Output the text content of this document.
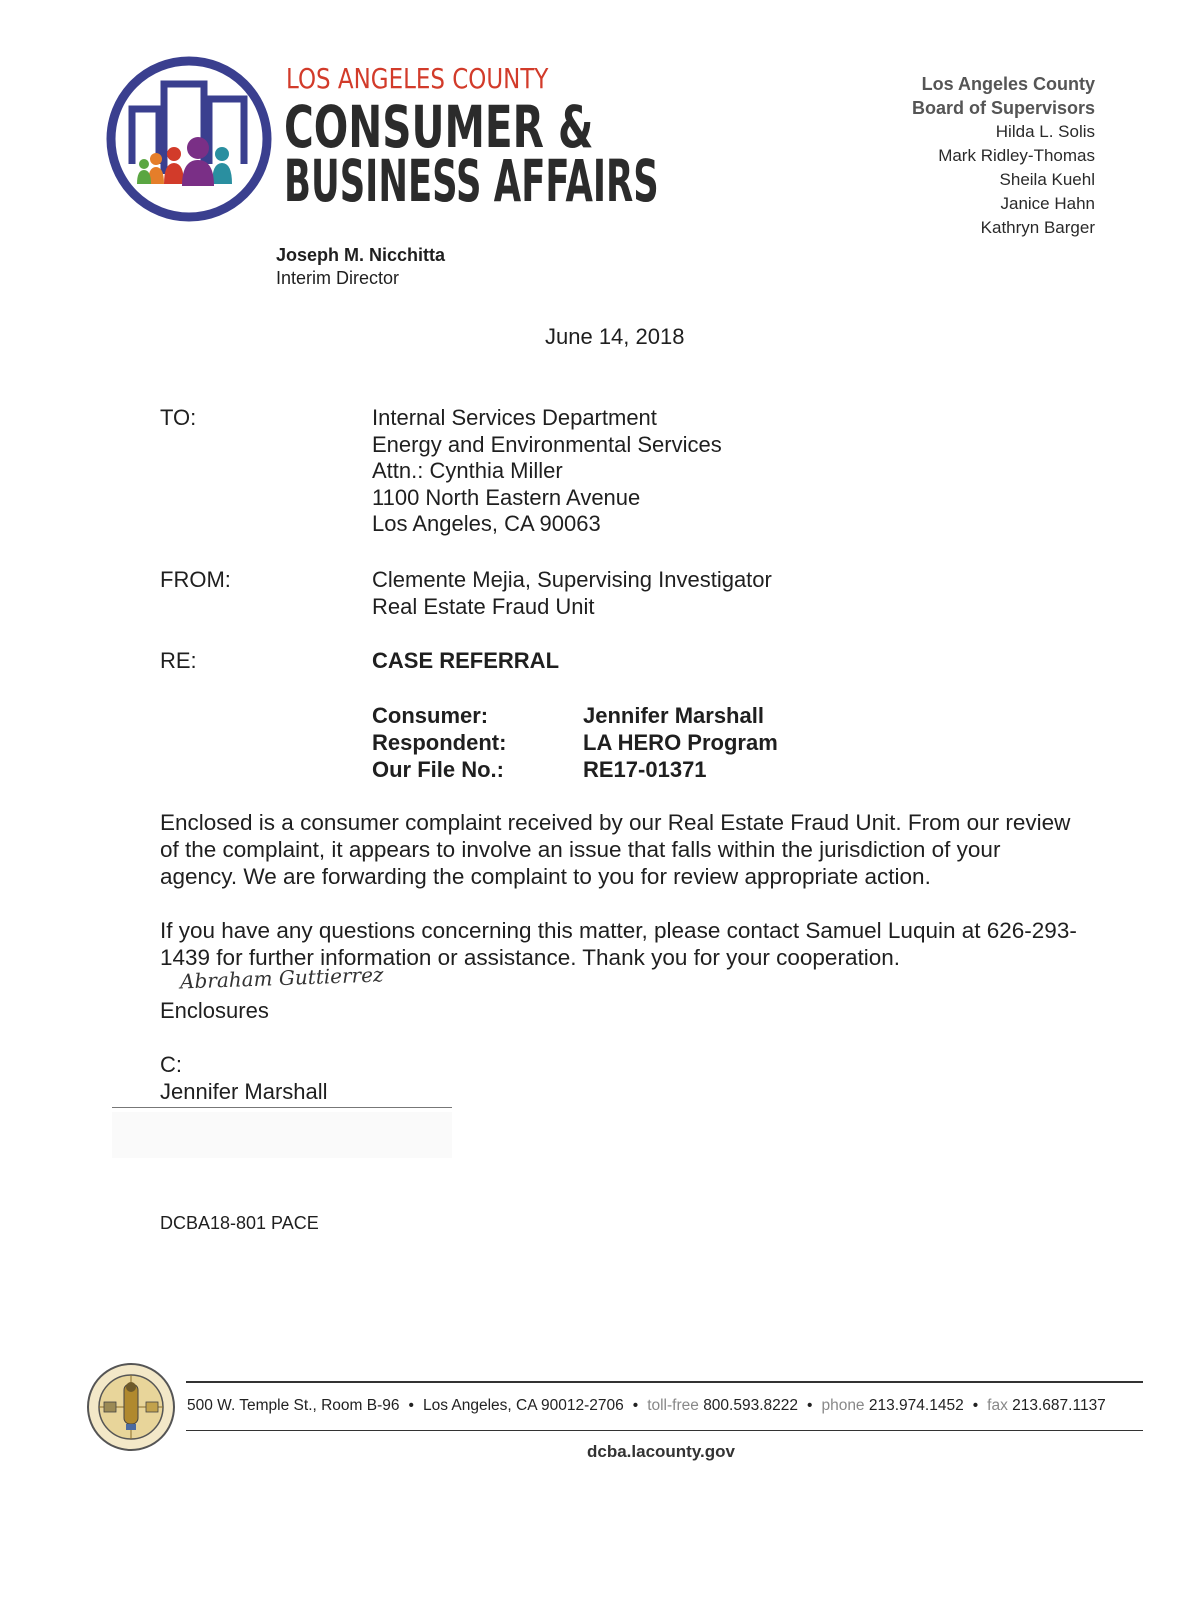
LOS ANGELES COUNTY
CONSUMER &
BUSINESS AFFAIRS
Los Angeles County
Board of Supervisors
Hilda L. Solis
Mark Ridley-Thomas
Sheila Kuehl
Janice Hahn
Kathryn Barger
Joseph M. Nicchitta
Interim Director
June 14, 2018
TO:	Internal Services Department
Energy and Environmental Services
Attn.: Cynthia Miller
1100 North Eastern Avenue
Los Angeles, CA 90063
FROM:	Clemente Mejia, Supervising Investigator
Real Estate Fraud Unit
RE:	CASE REFERRAL
Consumer:	Jennifer Marshall
Respondent:	LA HERO Program
Our File No.:	RE17-01371
Enclosed is a consumer complaint received by our Real Estate Fraud Unit. From our review of the complaint, it appears to involve an issue that falls within the jurisdiction of your agency. We are forwarding the complaint to you for review appropriate action.
If you have any questions concerning this matter, please contact Samuel Luquin at 626-293-1439 for further information or assistance. Thank you for your cooperation.
Abraham Guttierrez
Enclosures
C:
Jennifer Marshall
DCBA18-801 PACE
500 W. Temple St., Room B-96 • Los Angeles, CA 90012-2706 • toll-free 800.593.8222 • phone 213.974.1452 • fax 213.687.1137
dcba.lacounty.gov
